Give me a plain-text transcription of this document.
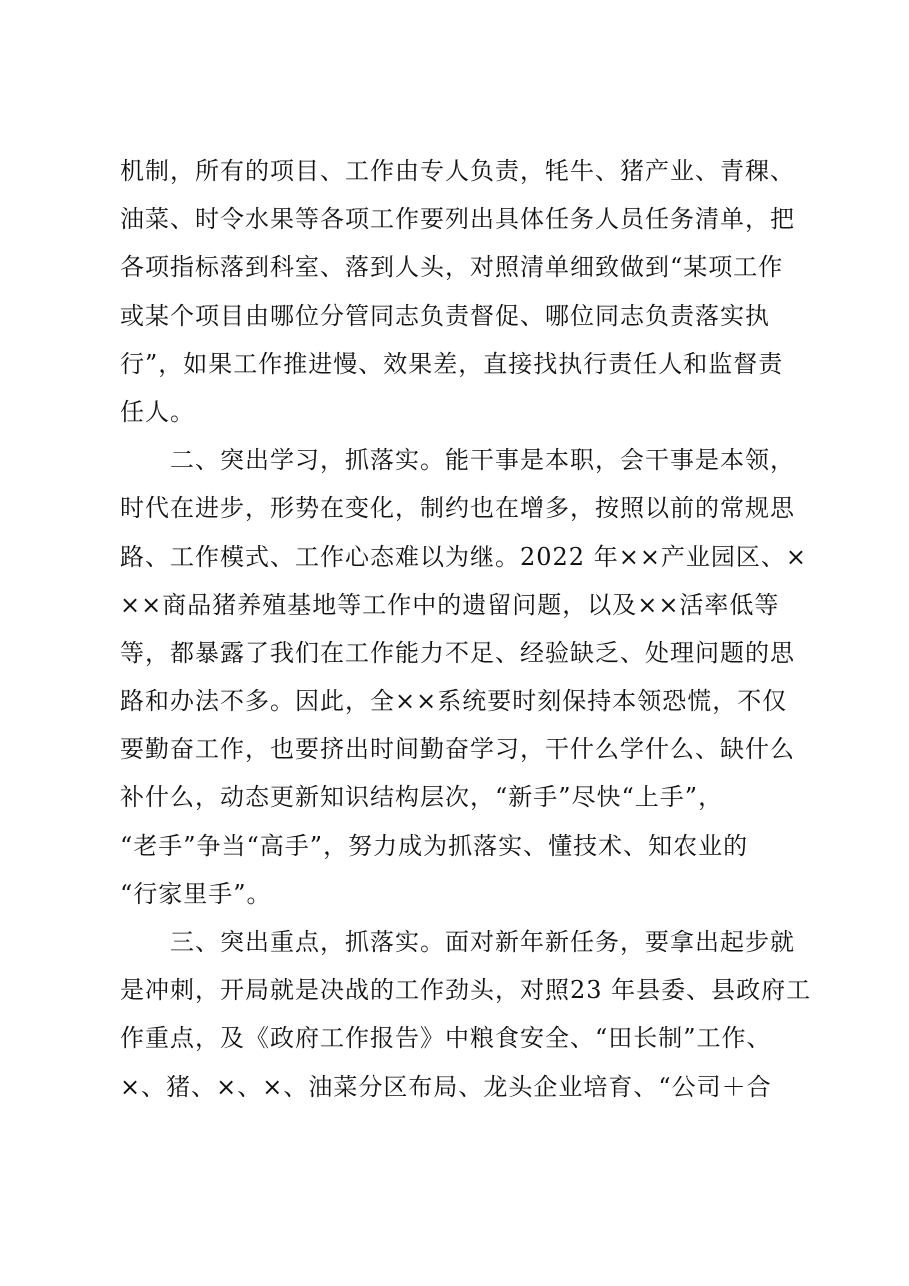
机制，所有的项目、工作由专人负责，牦牛、猪产业、青稞、
油菜、时令水果等各项工作要列出具体任务人员任务清单，把
各项指标落到科室、落到人头，对照清单细致做到“某项工作
或某个项目由哪位分管同志负责督促、哪位同志负责落实执
行”，如果工作推进慢、效果差，直接找执行责任人和监督责
任人。
二、突出学习，抓落实。能干事是本职，会干事是本领，
时代在进步，形势在变化，制约也在增多，按照以前的常规思
路、工作模式、工作心态难以为继。2022 年××产业园区、×
××商品猪养殖基地等工作中的遗留问题，以及××活率低等
等，都暴露了我们在工作能力不足、经验缺乏、处理问题的思
路和办法不多。因此，全××系统要时刻保持本领恐慌，不仅
要勤奋工作，也要挤出时间勤奋学习，干什么学什么、缺什么
补什么，动态更新知识结构层次，“新手”尽快“上手”，
“老手”争当“高手”，努力成为抓落实、懂技术、知农业的
“行家里手”。
三、突出重点，抓落实。面对新年新任务，要拿出起步就
是冲刺，开局就是决战的工作劲头，对照23 年县委、县政府工
作重点，及《政府工作报告》中粮食安全、“田长制”工作、
×、猪、×、×、油菜分区布局、龙头企业培育、“公司＋合
